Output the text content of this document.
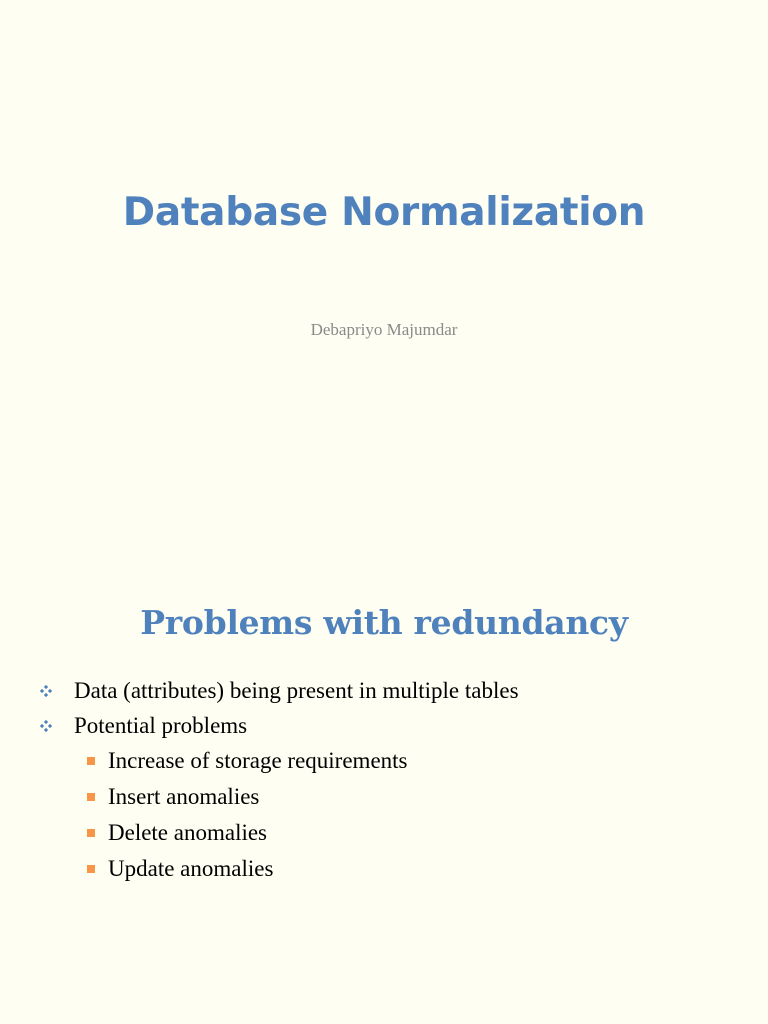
Database Normalization

Debapriyo Majumdar

Problems with redundancy
Data (attributes) being present in multiple tables
Potential problems
Increase of storage requirements
Insert anomalies
Delete anomalies
Update anomalies
